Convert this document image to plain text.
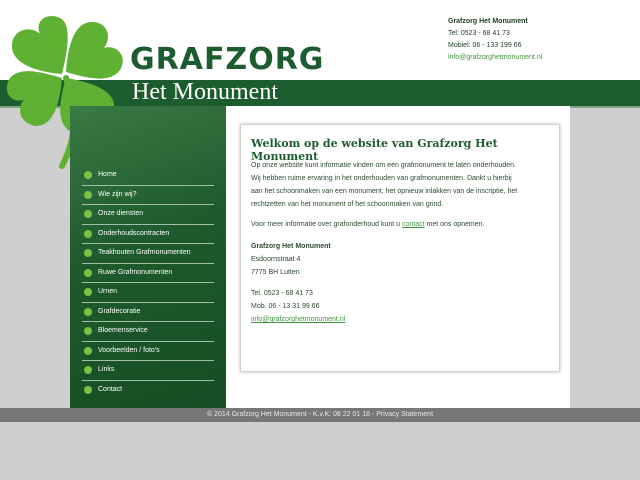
GRAFZORG
Het Monument
Grafzorg Het Monument
Tel: 0523 - 68 41 73
Mobiel: 06 - 133 199 66
info@grafzorghetmonument.nl
Home
Wie zijn wij?
Onze diensten
Onderhoudscontracten
Teakhouten Grafmonumenten
Ruwe Grafmonumenten
Urnen
Grafdecoratie
Bloemenservice
Voorbeelden / foto's
Links
Contact
Welkom op de website van Grafzorg Het Monument

Op onze website kunt informatie vinden om een grafmonument te laten onderhouden.
Wij hebben ruime ervaring in het onderhouden van grafmonumenten. Dankt u hierbij
aan het schoonmaken van een monument, het opnieuw inlakken van de inscriptie, het
rechtzetten van het monument of het schoonmaken van grind.

Voor meer informatie over grafonderhoud kunt u contact met ons opnemen.

Grafzorg Het Monument
Esdoornstraat 4
7775 BH Lutten

Tel. 0523 - 68 41 73
Mob. 06 - 13 31 99 66
info@grafzorghetmonument.nl

© 2014 Grafzorg Het Monument - K.v.K: 08 22 01 18 - Privacy Statement
